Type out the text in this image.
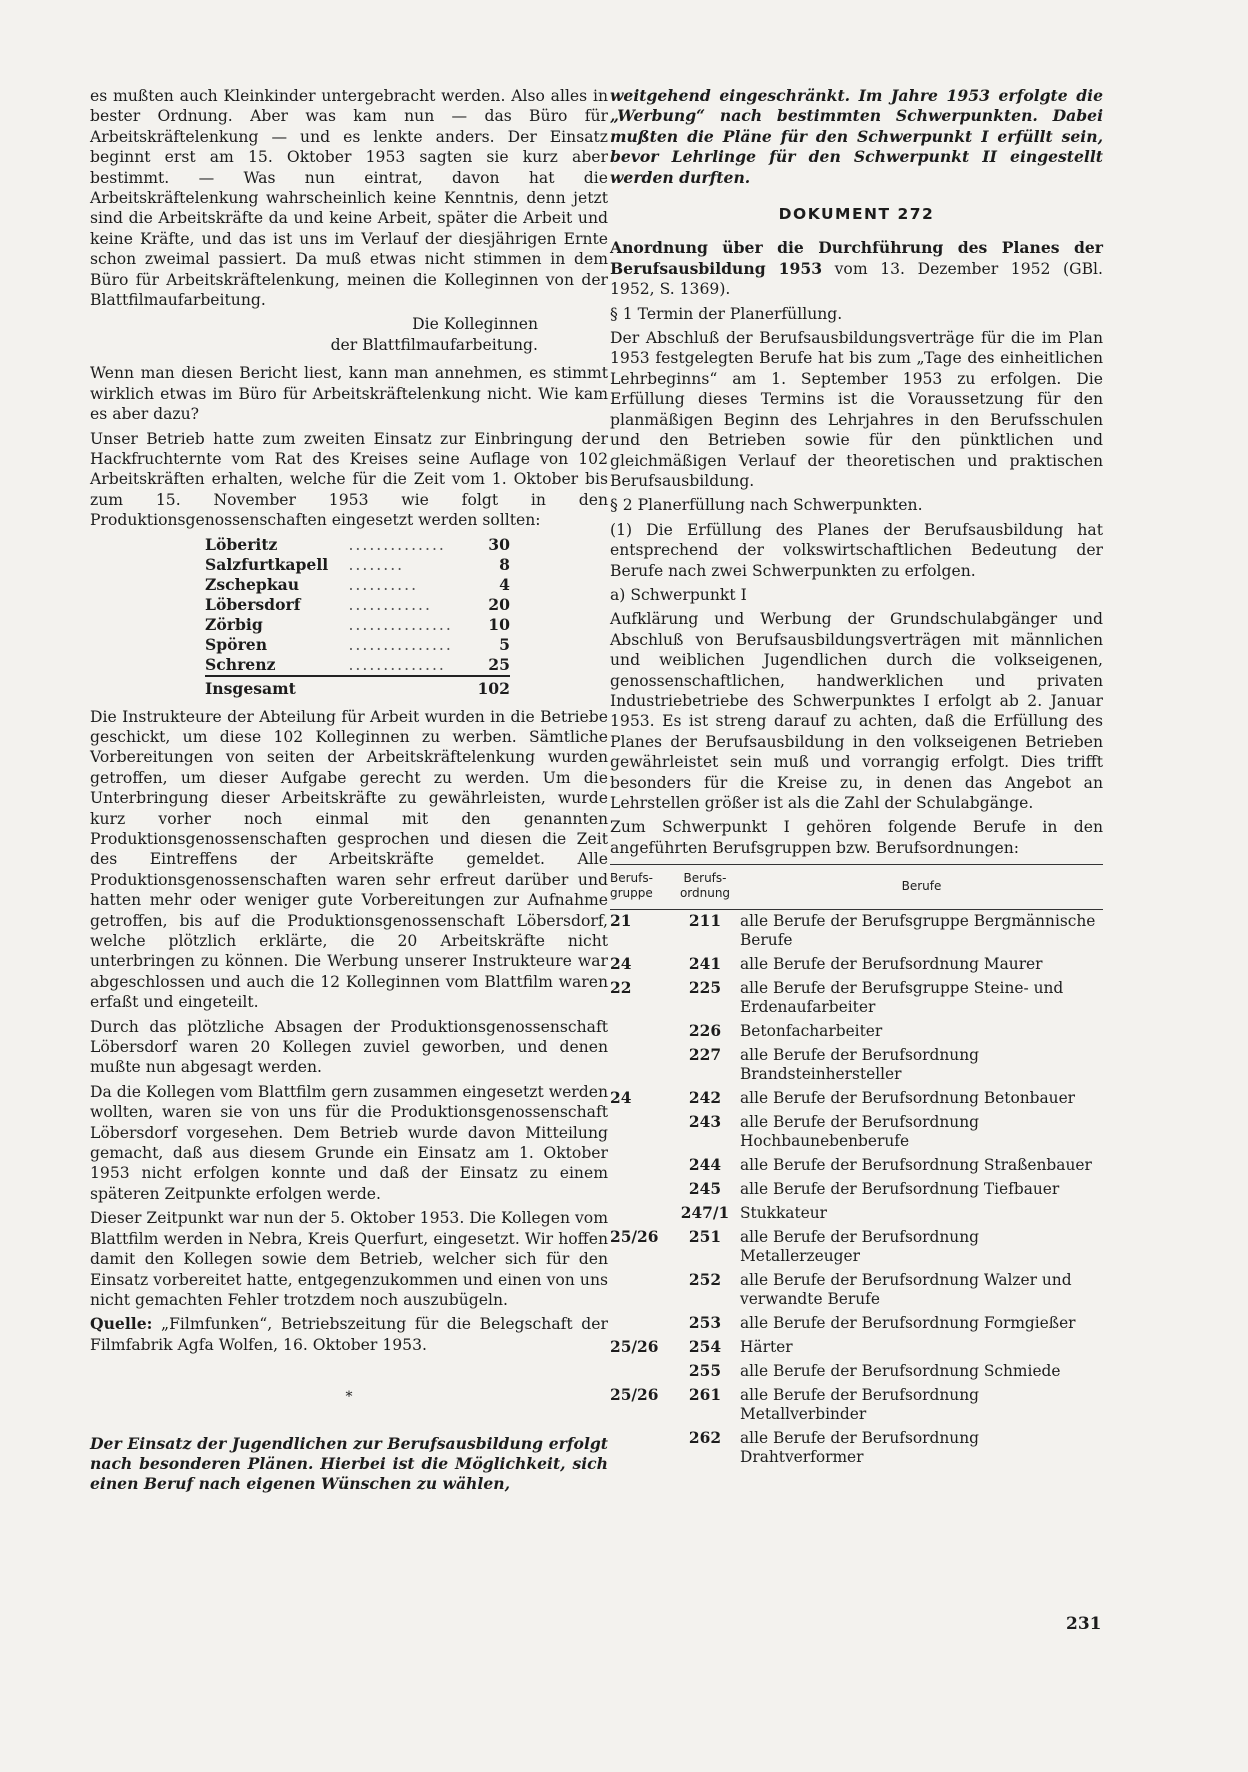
es mußten auch Kleinkinder untergebracht werden. Also alles in bester Ordnung. Aber was kam nun — das Büro für Arbeitskräftelenkung — und es lenkte anders. Der Einsatz beginnt erst am 15. Oktober 1953 sagten sie kurz aber bestimmt. — Was nun eintrat, davon hat die Arbeitskräftelenkung wahrscheinlich keine Kenntnis, denn jetzt sind die Arbeitskräfte da und keine Arbeit, später die Arbeit und keine Kräfte, und das ist uns im Verlauf der diesjährigen Ernte schon zweimal passiert. Da muß etwas nicht stimmen in dem Büro für Arbeitskräftelenkung, meinen die Kolleginnen von der Blattfilmaufarbeitung.

Die Kolleginnen
der Blattfilmaufarbeitung.

Wenn man diesen Bericht liest, kann man annehmen, es stimmt wirklich etwas im Büro für Arbeitskräftelenkung nicht. Wie kam es aber dazu?

Unser Betrieb hatte zum zweiten Einsatz zur Einbringung der Hackfruchternte vom Rat des Kreises seine Auflage von 102 Arbeitskräften erhalten, welche für die Zeit vom 1. Oktober bis zum 15. November 1953 wie folgt in den Produktionsgenossenschaften eingesetzt werden sollten:

Löberitz	..............	30
Salzfurtkapell	........	8
Zschepkau	..........	4
Löbersdorf	............	20
Zörbig	...............	10
Spören	...............	5
Schrenz	..............	25
Insgesamt		102

Die Instrukteure der Abteilung für Arbeit wurden in die Betriebe geschickt, um diese 102 Kolleginnen zu werben. Sämtliche Vorbereitungen von seiten der Arbeitskräftelenkung wurden getroffen, um dieser Aufgabe gerecht zu werden. Um die Unterbringung dieser Arbeitskräfte zu gewährleisten, wurde kurz vorher noch einmal mit den genannten Produktionsgenossenschaften gesprochen und diesen die Zeit des Eintreffens der Arbeitskräfte gemeldet. Alle Produktionsgenossenschaften waren sehr erfreut darüber und hatten mehr oder weniger gute Vorbereitungen zur Aufnahme getroffen, bis auf die Produktionsgenossenschaft Löbersdorf, welche plötzlich erklärte, die 20 Arbeitskräfte nicht unterbringen zu können. Die Werbung unserer Instrukteure war abgeschlossen und auch die 12 Kolleginnen vom Blattfilm waren erfaßt und eingeteilt.

Durch das plötzliche Absagen der Produktionsgenossenschaft Löbersdorf waren 20 Kollegen zuviel geworben, und denen mußte nun abgesagt werden.

Da die Kollegen vom Blattfilm gern zusammen eingesetzt werden wollten, waren sie von uns für die Produktionsgenossenschaft Löbersdorf vorgesehen. Dem Betrieb wurde davon Mitteilung gemacht, daß aus diesem Grunde ein Einsatz am 1. Oktober 1953 nicht erfolgen konnte und daß der Einsatz zu einem späteren Zeitpunkte erfolgen werde.

Dieser Zeitpunkt war nun der 5. Oktober 1953. Die Kollegen vom Blattfilm werden in Nebra, Kreis Querfurt, eingesetzt. Wir hoffen damit den Kollegen sowie dem Betrieb, welcher sich für den Einsatz vorbereitet hatte, entgegenzukommen und einen von uns nicht gemachten Fehler trotzdem noch auszubügeln.

Quelle: „Filmfunken“, Betriebszeitung für die Belegschaft der Filmfabrik Agfa Wolfen, 16. Oktober 1953.

*

Der Einsatz der Jugendlichen zur Berufsausbildung erfolgt nach besonderen Plänen. Hierbei ist die Möglichkeit, sich einen Beruf nach eigenen Wünschen zu wählen,

weitgehend eingeschränkt. Im Jahre 1953 erfolgte die „Werbung“ nach bestimmten Schwerpunkten. Dabei mußten die Pläne für den Schwerpunkt I erfüllt sein, bevor Lehrlinge für den Schwerpunkt II eingestellt werden durften.

DOKUMENT 272

Anordnung über die Durchführung des Planes der Berufsausbildung 1953 vom 13. Dezember 1952 (GBl. 1952, S. 1369).

§ 1 Termin der Planerfüllung.

Der Abschluß der Berufsausbildungsverträge für die im Plan 1953 festgelegten Berufe hat bis zum „Tage des einheitlichen Lehrbeginns“ am 1. September 1953 zu erfolgen. Die Erfüllung dieses Termins ist die Voraussetzung für den planmäßigen Beginn des Lehrjahres in den Berufsschulen und den Betrieben sowie für den pünktlichen und gleichmäßigen Verlauf der theoretischen und praktischen Berufsausbildung.

§ 2 Planerfüllung nach Schwerpunkten.

(1) Die Erfüllung des Planes der Berufsausbildung hat entsprechend der volkswirtschaftlichen Bedeutung der Berufe nach zwei Schwerpunkten zu erfolgen.

a) Schwerpunkt I

Aufklärung und Werbung der Grundschulabgänger und Abschluß von Berufsausbildungsverträgen mit männlichen und weiblichen Jugendlichen durch die volkseigenen, genossenschaftlichen, handwerklichen und privaten Industriebetriebe des Schwerpunktes I erfolgt ab 2. Januar 1953. Es ist streng darauf zu achten, daß die Erfüllung des Planes der Berufsausbildung in den volkseigenen Betrieben gewährleistet sein muß und vorrangig erfolgt. Dies trifft besonders für die Kreise zu, in denen das Angebot an Lehrstellen größer ist als die Zahl der Schulabgänge.

Zum Schwerpunkt I gehören folgende Berufe in den angeführten Berufsgruppen bzw. Berufsordnungen:

Berufs-
gruppe	Berufs-
ordnung	Berufe
21	211	alle Berufe der Berufsgruppe Bergmännische Berufe
24	241	alle Berufe der Berufsordnung Maurer
22	225	alle Berufe der Berufsgruppe Steine- und Erdenaufarbeiter
	226	Betonfacharbeiter
	227	alle Berufe der Berufsordnung Brandsteinhersteller
24	242	alle Berufe der Berufsordnung Betonbauer
	243	alle Berufe der Berufsordnung Hochbaunebenberufe
	244	alle Berufe der Berufsordnung Straßenbauer
	245	alle Berufe der Berufsordnung Tiefbauer
	247/1	Stukkateur
25/26	251	alle Berufe der Berufsordnung Metallerzeuger
	252	alle Berufe der Berufsordnung Walzer und verwandte Berufe
	253	alle Berufe der Berufsordnung Formgießer
25/26	254	Härter
	255	alle Berufe der Berufsordnung Schmiede
25/26	261	alle Berufe der Berufsordnung Metallverbinder
	262	alle Berufe der Berufsordnung Drahtverformer
231
